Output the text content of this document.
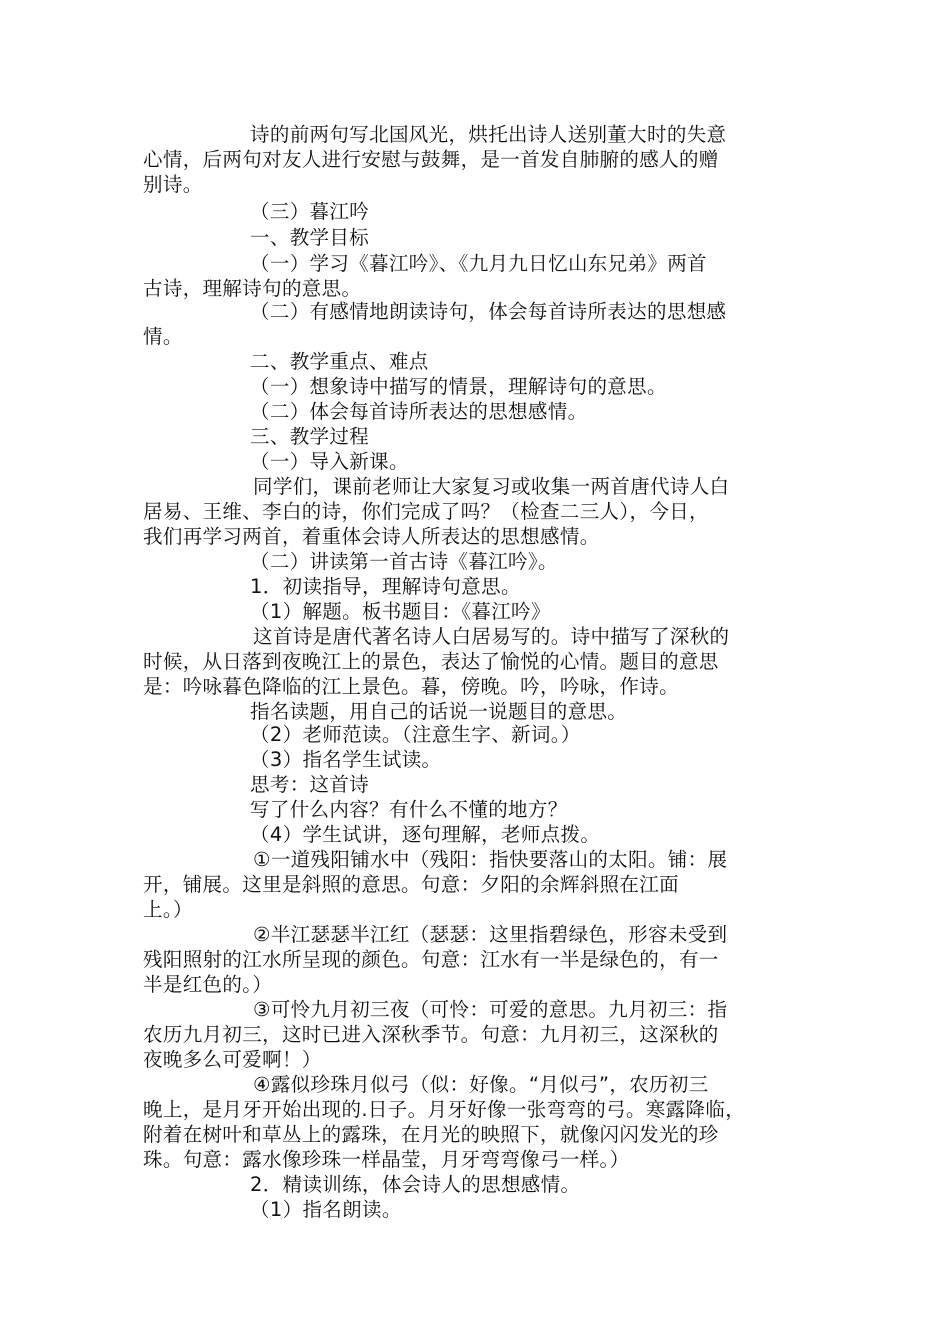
诗的前两句写北国风光，烘托出诗人送别董大时的失意
心情，后两句对友人进行安慰与鼓舞，是一首发自肺腑的感人的赠
别诗。
（三）暮江吟
一、教学目标
（一）学习《暮江吟》、《九月九日忆山东兄弟》两首
古诗，理解诗句的意思。
（二）有感情地朗读诗句，体会每首诗所表达的思想感
情。
二、教学重点、难点
（一）想象诗中描写的情景，理解诗句的意思。
（二）体会每首诗所表达的思想感情。
三、教学过程
（一）导入新课。
同学们，课前老师让大家复习或收集一两首唐代诗人白
居易、王维、李白的诗，你们完成了吗？（检查二三人），今日，
我们再学习两首，着重体会诗人所表达的思想感情。
（二）讲读第一首古诗《暮江吟》。
1．初读指导，理解诗句意思。
（1）解题。板书题目：《暮江吟》
这首诗是唐代著名诗人白居易写的。诗中描写了深秋的
时候，从日落到夜晚江上的景色，表达了愉悦的心情。题目的意思
是：吟咏暮色降临的江上景色。暮，傍晚。吟，吟咏，作诗。
指名读题，用自己的话说一说题目的意思。
（2）老师范读。（注意生字、新词。）
（3）指名学生试读。
思考：这首诗
写了什么内容？有什么不懂的地方？
（4）学生试讲，逐句理解，老师点拨。
①一道残阳铺水中（残阳：指快要落山的太阳。铺：展
开，铺展。这里是斜照的意思。句意：夕阳的余辉斜照在江面
上。）
②半江瑟瑟半江红（瑟瑟：这里指碧绿色，形容未受到
残阳照射的江水所呈现的颜色。句意：江水有一半是绿色的，有一
半是红色的。）
③可怜九月初三夜（可怜：可爱的意思。九月初三：指
农历九月初三，这时已进入深秋季节。句意：九月初三，这深秋的
夜晚多么可爱啊！）
④露似珍珠月似弓（似：好像。“月似弓”，农历初三
晚上，是月牙开始出现的.日子。月牙好像一张弯弯的弓。寒露降临，
附着在树叶和草丛上的露珠，在月光的映照下，就像闪闪发光的珍
珠。句意：露水像珍珠一样晶莹，月牙弯弯像弓一样。）
2．精读训练，体会诗人的思想感情。
（1）指名朗读。
